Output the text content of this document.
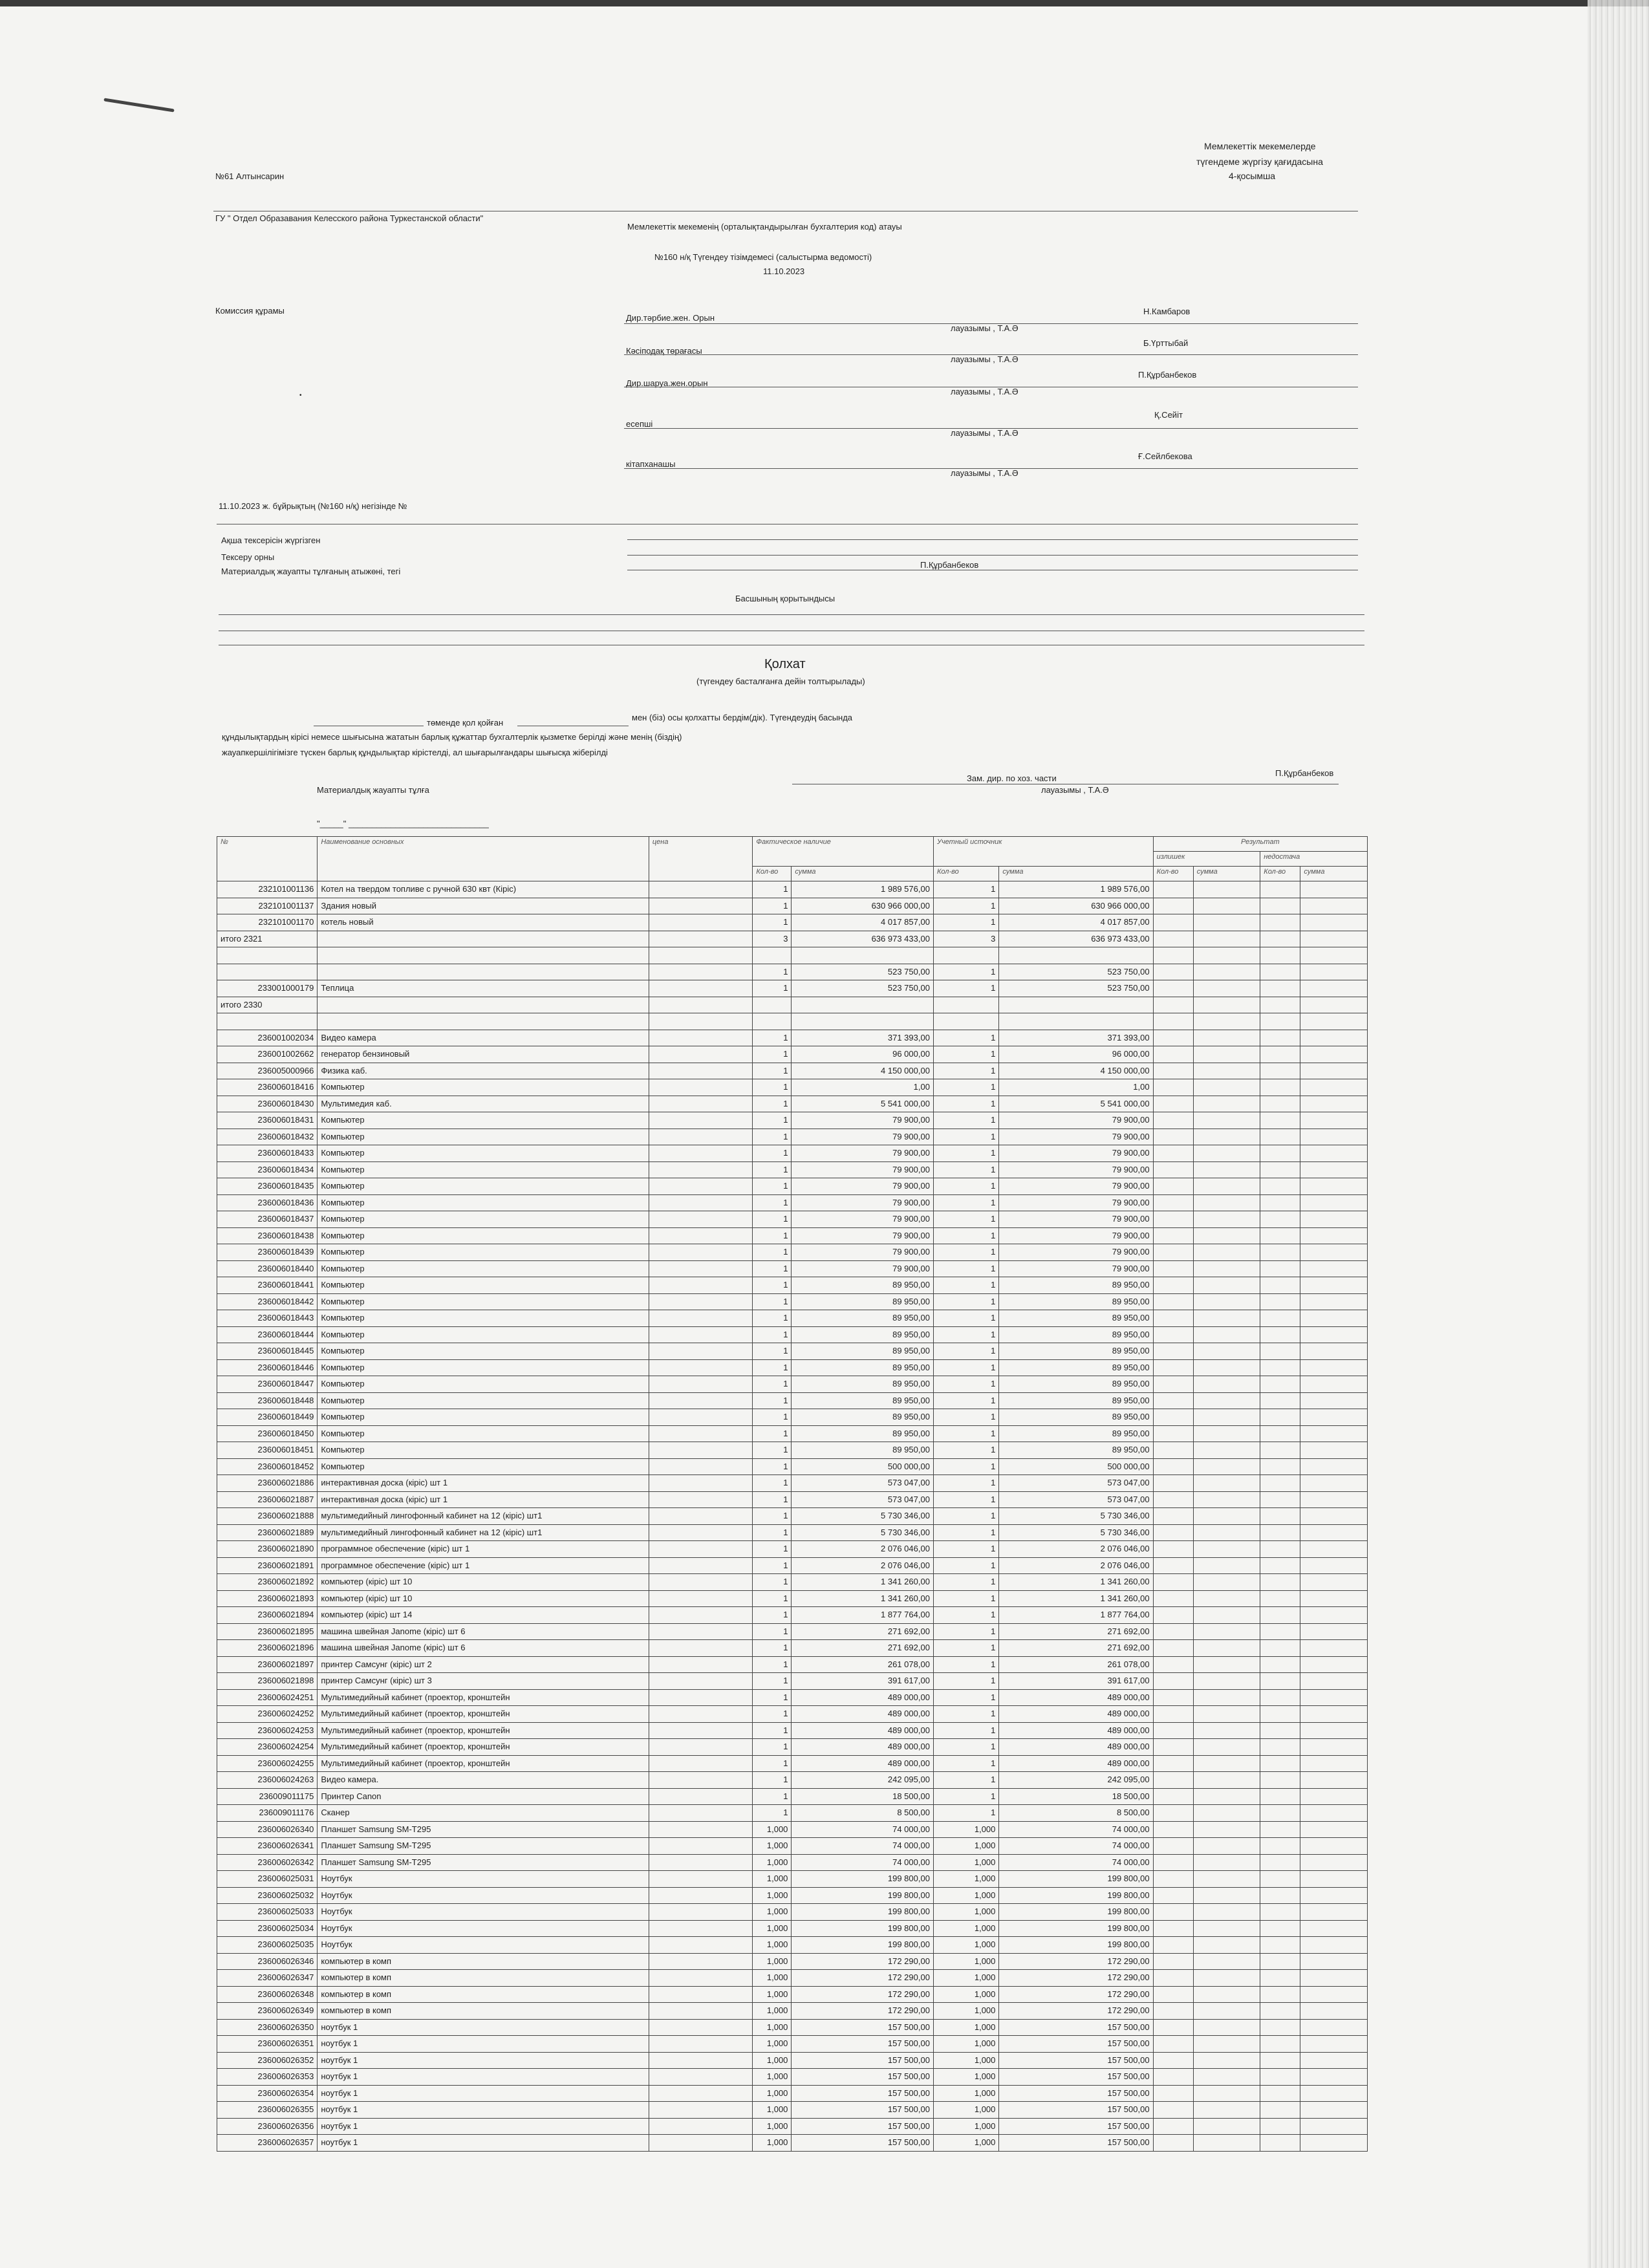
Мемлекеттік мекемелерде
түгендеме жүргізу қағидасына
4-қосымша
№61 Алтынсарин
ГУ " Отдел Образавания Келесского района Туркестанской области"
Мемлекеттік мекеменің (орталықтандырылған бухгалтерия код) атауы
№160 н/қ Түгендеу тізімдемесі (салыстырма ведомості)
11.10.2023
Комиссия құрамы
Дир.тәрбие.жен. Орын
Н.Камбаров
лауазымы , Т.А.Ә
Кәсіподақ төрағасы
Б.Үрттыбай
лауазымы , Т.А.Ә
Дир.шаруа.жен.орын
П.Құрбанбеков
лауазымы , Т.А.Ә
•
есепші
Қ.Сейіт
лауазымы , Т.А.Ә
кітапханашы
Ғ.Сейлбекова
лауазымы , Т.А.Ә
11.10.2023 ж. бұйрықтың (№160 н/қ) негізінде №
Ақша тексерісін жүргізген
Тексеру орны
Материалдық жауапты тұлғаның атыжөні, тегі
П.Құрбанбеков
Басшының қорытындысы
Қолхат
(түгендеу басталғанға дейін толтырылады)
төменде қол қойған
мен (біз) осы қолхатты бердім(дік). Түгендеудің басында
құндылықтардың кірісі немесе шығысына жататын барлық құжаттар бухгалтерлік қызметке берілді және менің (біздің)
жауапкершілігімізге түскен барлық құндылықтар кірістелді, ал шығарылғандары шығысқа жіберілді
Материалдық жауапты тұлға
Зам. дир. по хоз. части
П.Құрбанбеков
лауазымы , Т.А.Ә
"_____" ______________________________
№	Наименование основных	цена	Фактическое наличие		Учетный источник		Результат			
							излишек		недостача	
			Кол-во	сумма	Кол-во	сумма	Кол-во	сумма	Кол-во	сумма
232101001136	Котел на твердом топливе с ручной 630 квт (Кіріс)		1	1 989 576,00	1	1 989 576,00				
232101001137	Здания новый		1	630 966 000,00	1	630 966 000,00				
232101001170	котель новый		1	4 017 857,00	1	4 017 857,00				
итого 2321			3	636 973 433,00	3	636 973 433,00				

			1	523 750,00	1	523 750,00				
233001000179	Теплица		1	523 750,00	1	523 750,00				
итого 2330										

236001002034	Видео камера		1	371 393,00	1	371 393,00				
236001002662	генератор бензиновый		1	96 000,00	1	96 000,00				
236005000966	Физика каб.		1	4 150 000,00	1	4 150 000,00				
236006018416	Компьютер		1	1,00	1	1,00				
236006018430	Мультимедия каб.		1	5 541 000,00	1	5 541 000,00				
236006018431	Компьютер		1	79 900,00	1	79 900,00				
236006018432	Компьютер		1	79 900,00	1	79 900,00				
236006018433	Компьютер		1	79 900,00	1	79 900,00				
236006018434	Компьютер		1	79 900,00	1	79 900,00				
236006018435	Компьютер		1	79 900,00	1	79 900,00				
236006018436	Компьютер		1	79 900,00	1	79 900,00				
236006018437	Компьютер		1	79 900,00	1	79 900,00				
236006018438	Компьютер		1	79 900,00	1	79 900,00				
236006018439	Компьютер		1	79 900,00	1	79 900,00				
236006018440	Компьютер		1	79 900,00	1	79 900,00				
236006018441	Компьютер		1	89 950,00	1	89 950,00				
236006018442	Компьютер		1	89 950,00	1	89 950,00				
236006018443	Компьютер		1	89 950,00	1	89 950,00				
236006018444	Компьютер		1	89 950,00	1	89 950,00				
236006018445	Компьютер		1	89 950,00	1	89 950,00				
236006018446	Компьютер		1	89 950,00	1	89 950,00				
236006018447	Компьютер		1	89 950,00	1	89 950,00				
236006018448	Компьютер		1	89 950,00	1	89 950,00				
236006018449	Компьютер		1	89 950,00	1	89 950,00				
236006018450	Компьютер		1	89 950,00	1	89 950,00				
236006018451	Компьютер		1	89 950,00	1	89 950,00				
236006018452	Компьютер		1	500 000,00	1	500 000,00				
236006021886	интерактивная доска (кіріс) шт 1		1	573 047,00	1	573 047,00				
236006021887	интерактивная доска (кіріс) шт 1		1	573 047,00	1	573 047,00				
236006021888	мультимедийный лингофонный кабинет на 12 (кіріс) шт1		1	5 730 346,00	1	5 730 346,00				
236006021889	мультимедийный лингофонный кабинет на 12 (кіріс) шт1		1	5 730 346,00	1	5 730 346,00				
236006021890	программное обеспечение (кіріс) шт 1		1	2 076 046,00	1	2 076 046,00				
236006021891	программное обеспечение (кіріс) шт 1		1	2 076 046,00	1	2 076 046,00				
236006021892	компьютер (кіріс) шт 10		1	1 341 260,00	1	1 341 260,00				
236006021893	компьютер (кіріс) шт 10		1	1 341 260,00	1	1 341 260,00				
236006021894	компьютер (кіріс) шт 14		1	1 877 764,00	1	1 877 764,00				
236006021895	машина швейная Janome (кіріс) шт 6		1	271 692,00	1	271 692,00				
236006021896	машина швейная Janome (кіріс) шт 6		1	271 692,00	1	271 692,00				
236006021897	принтер Самсунг (кіріс) шт 2		1	261 078,00	1	261 078,00				
236006021898	принтер Самсунг (кіріс) шт 3		1	391 617,00	1	391 617,00				
236006024251	Мультимедийный кабинет (проектор, кронштейн		1	489 000,00	1	489 000,00				
236006024252	Мультимедийный кабинет (проектор, кронштейн		1	489 000,00	1	489 000,00				
236006024253	Мультимедийный кабинет (проектор, кронштейн		1	489 000,00	1	489 000,00				
236006024254	Мультимедийный кабинет (проектор, кронштейн		1	489 000,00	1	489 000,00				
236006024255	Мультимедийный кабинет (проектор, кронштейн		1	489 000,00	1	489 000,00				
236006024263	Видео камера.		1	242 095,00	1	242 095,00				
236009011175	Принтер Canon		1	18 500,00	1	18 500,00				
236009011176	Сканер		1	8 500,00	1	8 500,00				
236006026340	Планшет Samsung SM-T295		1,000	74 000,00	1,000	74 000,00				
236006026341	Планшет Samsung SM-T295		1,000	74 000,00	1,000	74 000,00				
236006026342	Планшет Samsung SM-T295		1,000	74 000,00	1,000	74 000,00				
236006025031	Ноутбук		1,000	199 800,00	1,000	199 800,00				
236006025032	Ноутбук		1,000	199 800,00	1,000	199 800,00				
236006025033	Ноутбук		1,000	199 800,00	1,000	199 800,00				
236006025034	Ноутбук		1,000	199 800,00	1,000	199 800,00				
236006025035	Ноутбук		1,000	199 800,00	1,000	199 800,00				
236006026346	компьютер в комп		1,000	172 290,00	1,000	172 290,00				
236006026347	компьютер в комп		1,000	172 290,00	1,000	172 290,00				
236006026348	компьютер в комп		1,000	172 290,00	1,000	172 290,00				
236006026349	компьютер в комп		1,000	172 290,00	1,000	172 290,00				
236006026350	ноутбук 1		1,000	157 500,00	1,000	157 500,00				
236006026351	ноутбук 1		1,000	157 500,00	1,000	157 500,00				
236006026352	ноутбук 1		1,000	157 500,00	1,000	157 500,00				
236006026353	ноутбук 1		1,000	157 500,00	1,000	157 500,00				
236006026354	ноутбук 1		1,000	157 500,00	1,000	157 500,00				
236006026355	ноутбук 1		1,000	157 500,00	1,000	157 500,00				
236006026356	ноутбук 1		1,000	157 500,00	1,000	157 500,00				
236006026357	ноутбук 1		1,000	157 500,00	1,000	157 500,00				
